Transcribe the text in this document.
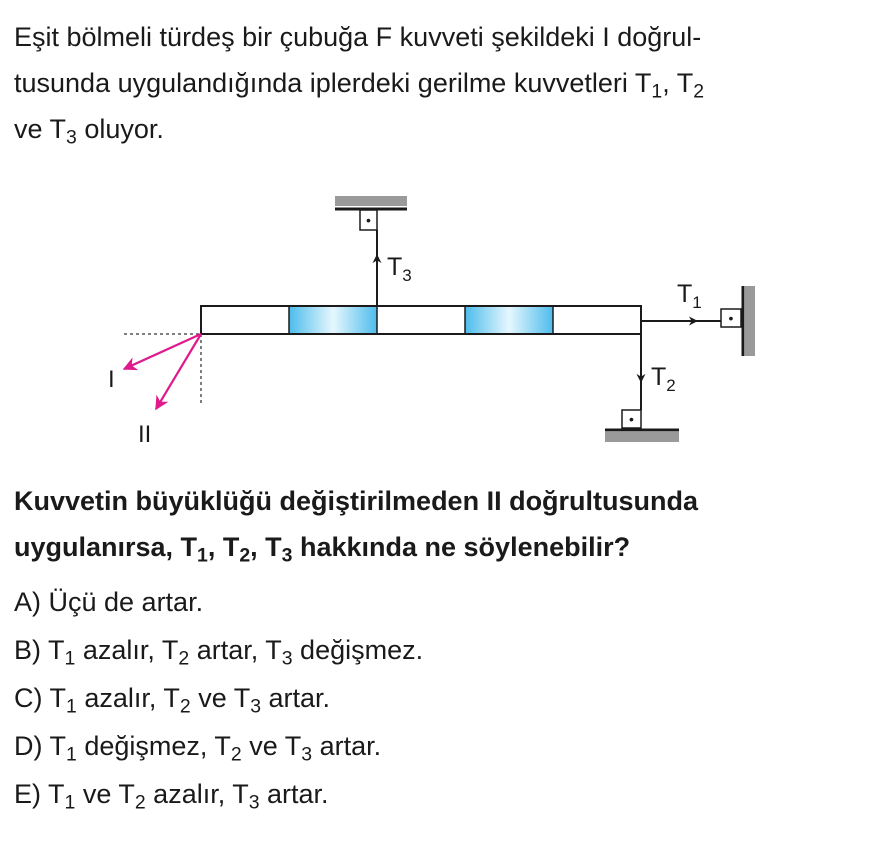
Eşit bölmeli türdeş bir çubuğa F kuvveti şekildeki I doğrul-
tusunda uygulandığında iplerdeki gerilme kuvvetleri $T_1$, $T_2$
ve $T_3$ oluyor.

•
$T_3$
$T_1$
•
$T_2$
•
I
II

Kuvvetin büyüklüğü değiştirilmeden II doğrultusunda
uygulanırsa, $T_1$, $T_2$, $T_3$ hakkında ne söylenebilir?

A) Üçü de artar.
B) $T_1$ azalır, $T_2$ artar, $T_3$ değişmez.
C) $T_1$ azalır, $T_2$ ve $T_3$ artar.
D) $T_1$ değişmez, $T_2$ ve $T_3$ artar.
E) $T_1$ ve $T_2$ azalır, $T_3$ artar.
